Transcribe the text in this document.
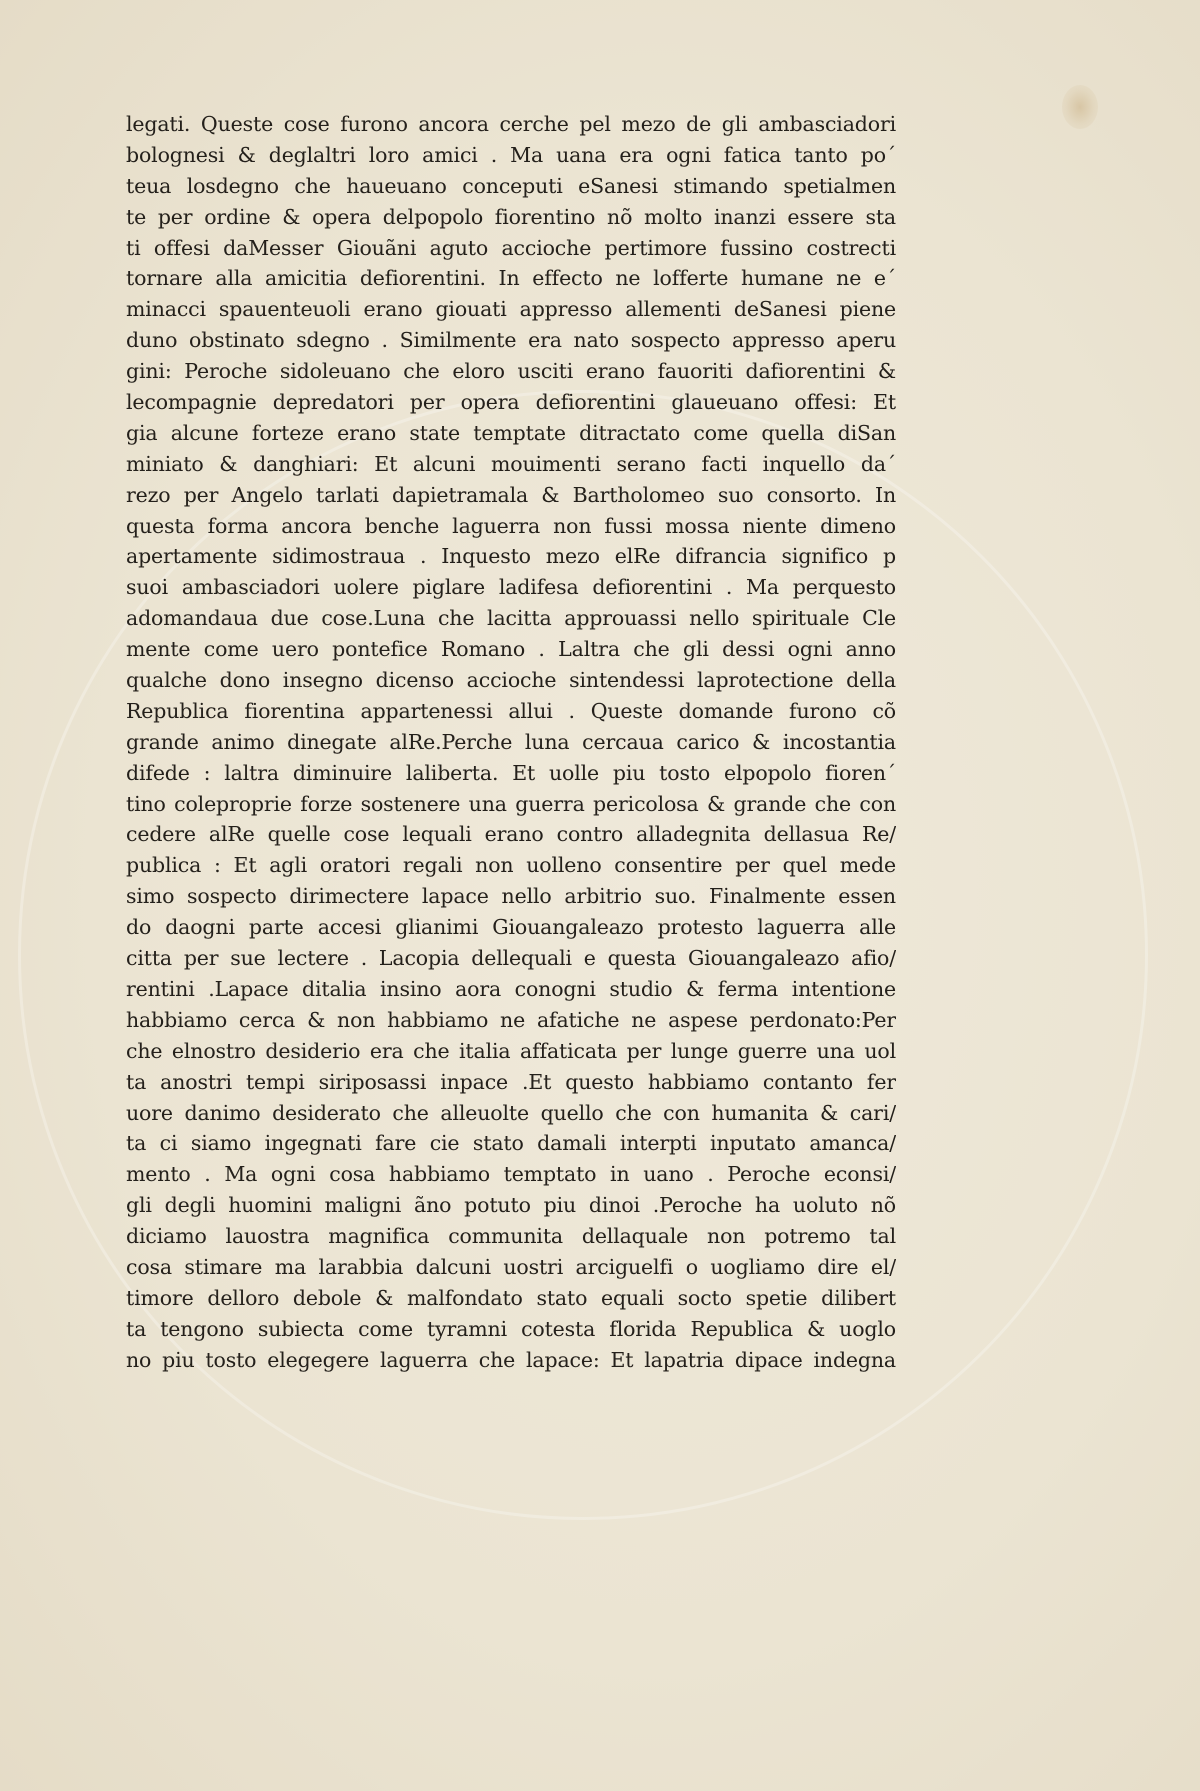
legati. Queste cose furono ancora cerche pel mezo de gli ambasciadori
bolognesi & deglaltri loro amici . Ma uana era ogni fatica tanto po´
teua losdegno che haueuano conceputi eSanesi stimando spetialmen
te per ordine & opera delpopolo fiorentino nõ molto inanzi essere sta
ti offesi daMesser Giouãni aguto accioche pertimore fussino costrecti
tornare alla amicitia defiorentini. In effecto ne lofferte humane ne e´
minacci spauenteuoli erano giouati appresso allementi deSanesi piene
duno obstinato sdegno . Similmente era nato sospecto appresso aperu
gini: Peroche sidoleuano che eloro usciti erano fauoriti dafiorentini &
lecompagnie depredatori per opera defiorentini glaueuano offesi: Et
gia alcune forteze erano state temptate ditractato come quella diSan
miniato & danghiari: Et alcuni mouimenti serano facti inquello da´
rezo per Angelo tarlati dapietramala & Bartholomeo suo consorto. In
questa forma ancora benche laguerra non fussi mossa niente dimeno
apertamente sidimostraua . Inquesto mezo elRe difrancia significo p
suoi ambasciadori uolere piglare ladifesa defiorentini . Ma perquesto
adomandaua due cose.Luna che lacitta approuassi nello spirituale Cle
mente come uero pontefice Romano . Laltra che gli dessi ogni anno
qualche dono insegno dicenso accioche sintendessi laprotectione della
Republica fiorentina appartenessi allui . Queste domande furono cõ
grande animo dinegate alRe.Perche luna cercaua carico & incostantia
difede : laltra diminuire laliberta. Et uolle piu tosto elpopolo fioren´
tino coleproprie forze sostenere una guerra pericolosa & grande che con
cedere alRe quelle cose lequali erano contro alladegnita dellasua Re/
publica : Et agli oratori regali non uolleno consentire per quel mede
simo sospecto dirimectere lapace nello arbitrio suo. Finalmente essen
do daogni parte accesi glianimi Giouangaleazo protesto laguerra alle
citta per sue lectere . Lacopia dellequali e questa Giouangaleazo afio/
rentini .Lapace ditalia insino aora conogni studio & ferma intentione
habbiamo cerca & non habbiamo ne afatiche ne aspese perdonato:Per
che elnostro desiderio era che italia affaticata per lunge guerre una uol
ta anostri tempi siriposassi inpace .Et questo habbiamo contanto fer
uore danimo desiderato che alleuolte quello che con humanita & cari/
ta ci siamo ingegnati fare cie stato damali interpti inputato amanca/
mento . Ma ogni cosa habbiamo temptato in uano . Peroche econsi/
gli degli huomini maligni ãno potuto piu dinoi .Peroche ha uoluto nõ
diciamo lauostra magnifica communita dellaquale non potremo tal
cosa stimare ma larabbia dalcuni uostri arciguelfi o uogliamo dire el/
timore delloro debole & malfondato stato equali socto spetie dilibert
ta tengono subiecta come tyramni cotesta florida Republica & uoglo
no piu tosto elegegere laguerra che lapace: Et lapatria dipace indegna
